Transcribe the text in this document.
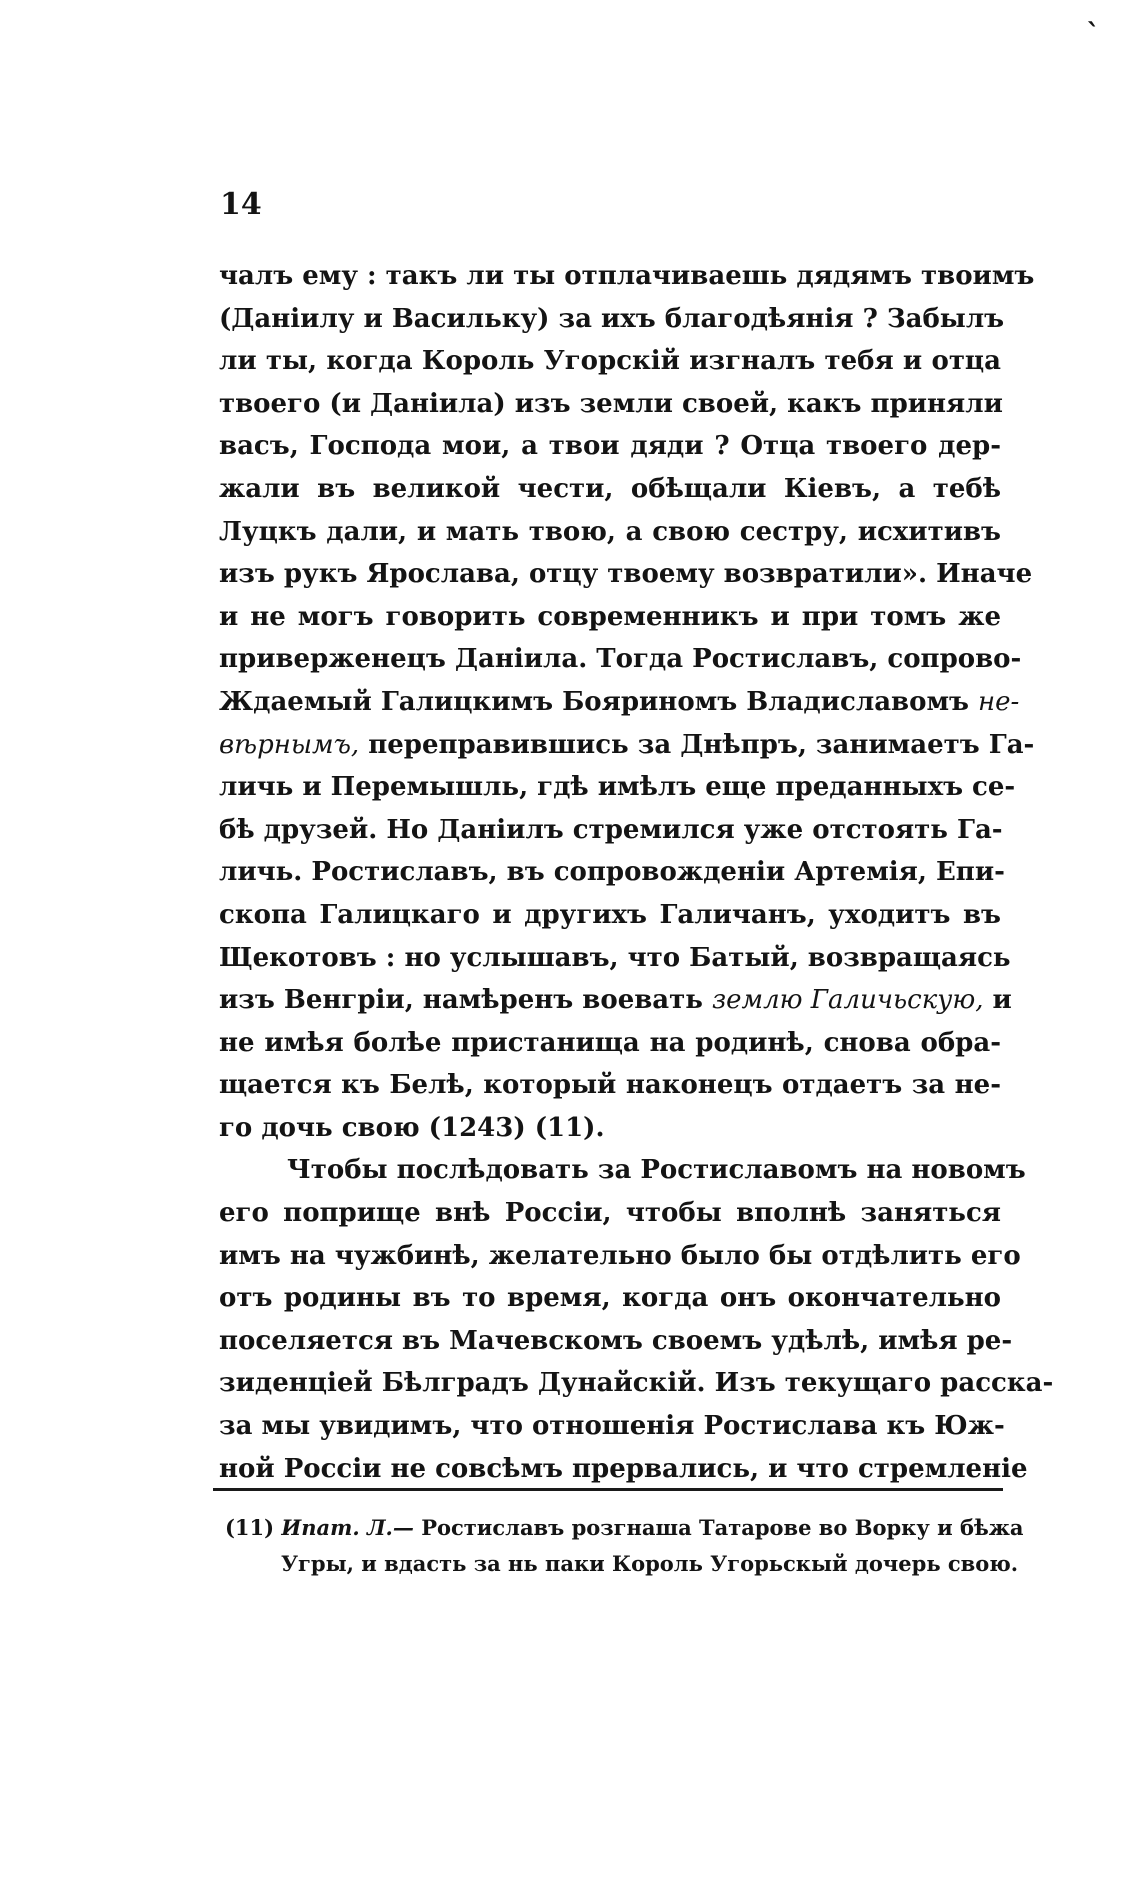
ˋ
14
чалъ ему : такъ ли ты отплачиваешь дядямъ твоимъ
(Даніилу и Васильку) за ихъ благодѣянія ? Забылъ
ли ты, когда Король Угорскій изгналъ тебя и отца
твоего (и Даніила) изъ земли своей, какъ приняли
васъ, Господа мои, а твои дяди ? Отца твоего дер-
жали въ великой чести, обѣщали Кіевъ, а тебѣ
Луцкъ дали, и мать твою, а свою сестру, исхитивъ
изъ рукъ Ярослава, отцу твоему возвратили». Иначе
и не могъ говорить современникъ и при томъ же
приверженецъ Даніила. Тогда Ростиславъ, сопрово-
Ждаемый Галицкимъ Бояриномъ Владиславомъ не-
вѣрнымъ, переправившись за Днѣпръ, занимаетъ Га-
личь и Перемышль, гдѣ имѣлъ еще преданныхъ се-
бѣ друзей. Но Даніилъ стремился уже отстоять Га-
личь. Ростиславъ, въ сопровожденіи Артемія, Епи-
скопа Галицкаго и другихъ Галичанъ, уходитъ въ
Щекотовъ : но услышавъ, что Батый, возвращаясь
изъ Венгріи, намѣренъ воевать землю Галичьскую, и
не имѣя болѣе пристанища на родинѣ, снова обра-
щается къ Белѣ, который наконецъ отдаетъ за не-
го дочь свою (1243) (11).
Чтобы послѣдовать за Ростиславомъ на новомъ
его поприще внѣ Россіи, чтобы вполнѣ заняться
имъ на чужбинѣ, желательно было бы отдѣлить его
отъ родины въ то время, когда онъ окончательно
поселяется въ Мачевскомъ своемъ удѣлѣ, имѣя ре-
зиденціей Бѣлградъ Дунайскій. Изъ текущаго расска-
за мы увидимъ, что отношенія Ростислава къ Юж-
ной Россіи не совсѣмъ прервались, и что стремленіе
(11) Ипат. Л.— Ростиславъ розгнаша Татарове во Ворку и бѣжа
Угры, и вдасть за нь паки Король Угорьскый дочерь свою.
